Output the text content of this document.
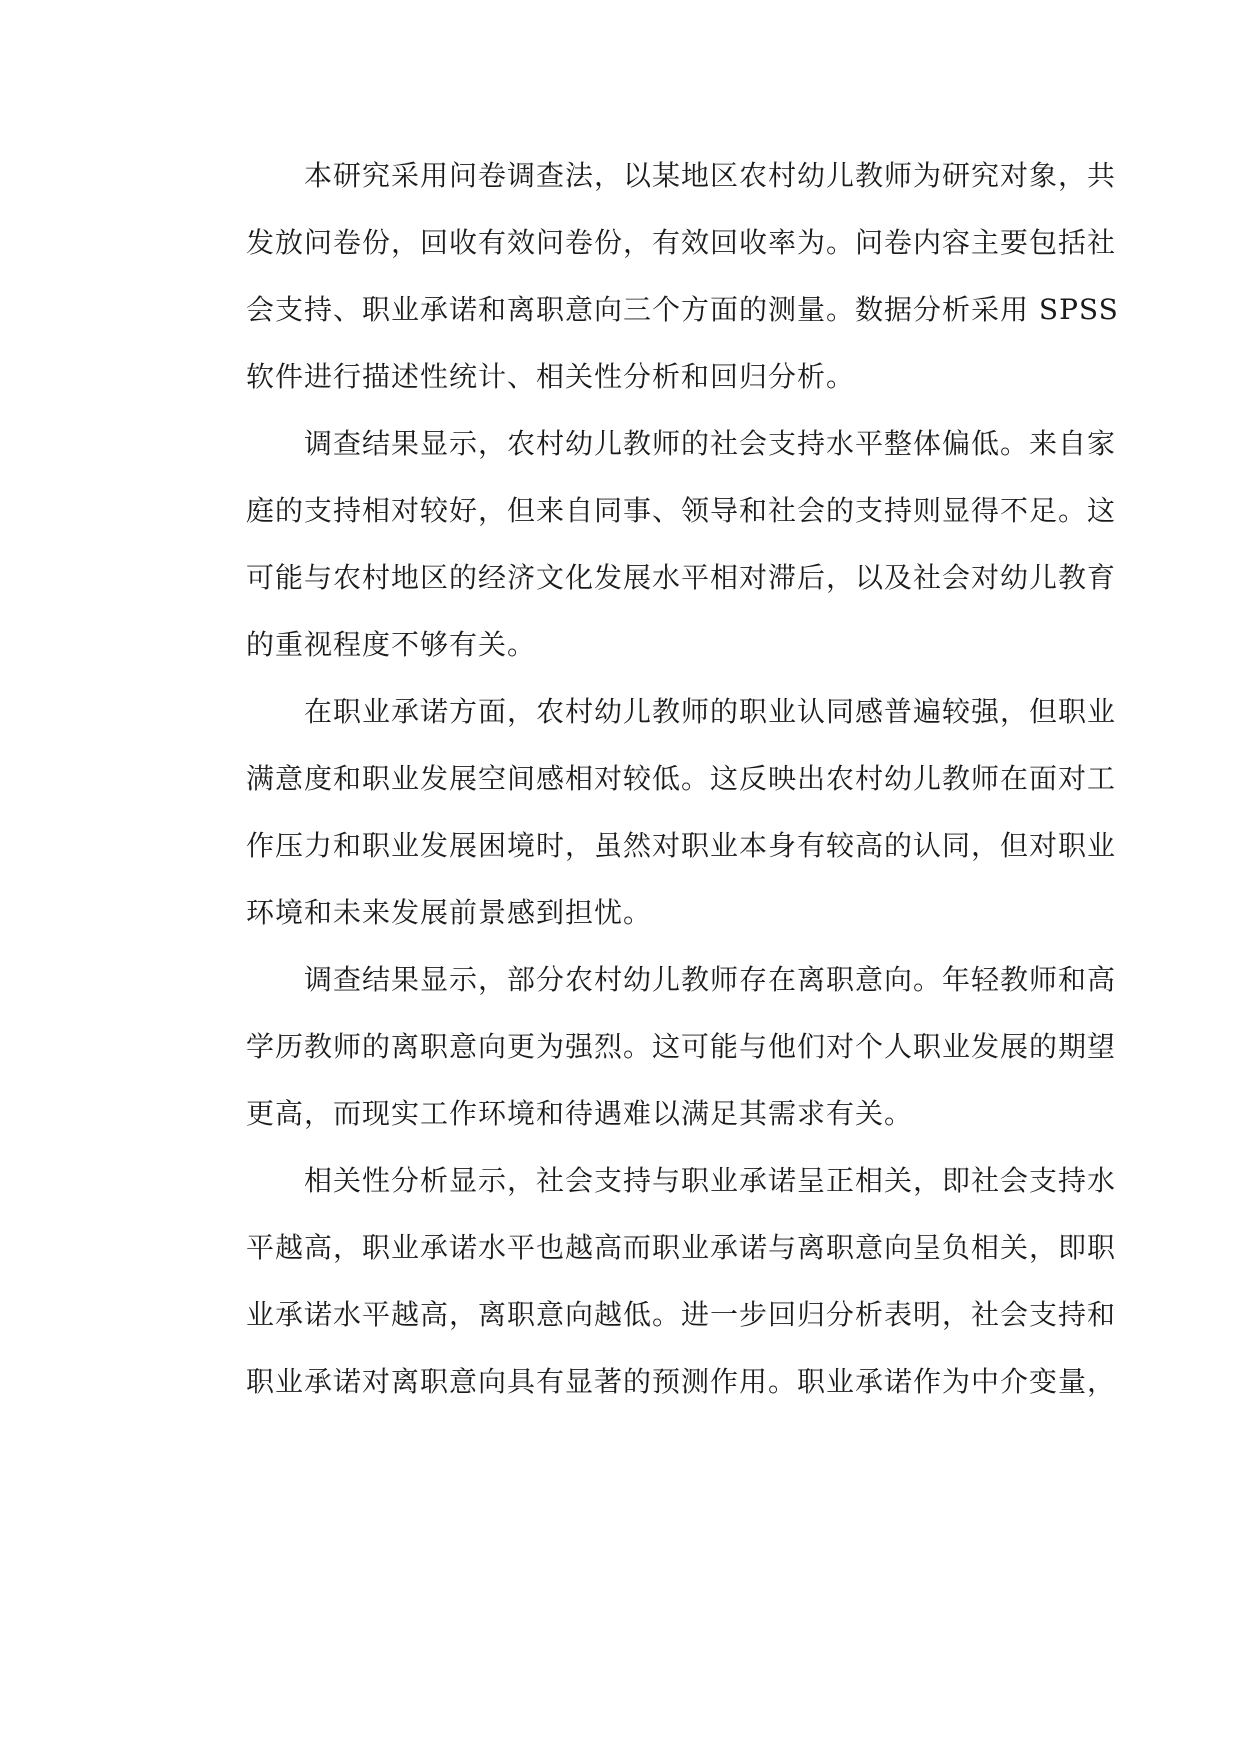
本研究采用问卷调查法，以某地区农村幼儿教师为研究对象，共
发放问卷份，回收有效问卷份，有效回收率为。问卷内容主要包括社
会支持、职业承诺和离职意向三个方面的测量。数据分析采用 SPSS
软件进行描述性统计、相关性分析和回归分析。
调查结果显示，农村幼儿教师的社会支持水平整体偏低。来自家
庭的支持相对较好，但来自同事、领导和社会的支持则显得不足。这
可能与农村地区的经济文化发展水平相对滞后，以及社会对幼儿教育
的重视程度不够有关。
在职业承诺方面，农村幼儿教师的职业认同感普遍较强，但职业
满意度和职业发展空间感相对较低。这反映出农村幼儿教师在面对工
作压力和职业发展困境时，虽然对职业本身有较高的认同，但对职业
环境和未来发展前景感到担忧。
调查结果显示，部分农村幼儿教师存在离职意向。年轻教师和高
学历教师的离职意向更为强烈。这可能与他们对个人职业发展的期望
更高，而现实工作环境和待遇难以满足其需求有关。
相关性分析显示，社会支持与职业承诺呈正相关，即社会支持水
平越高，职业承诺水平也越高而职业承诺与离职意向呈负相关，即职
业承诺水平越高，离职意向越低。进一步回归分析表明，社会支持和
职业承诺对离职意向具有显著的预测作用。职业承诺作为中介变量，
